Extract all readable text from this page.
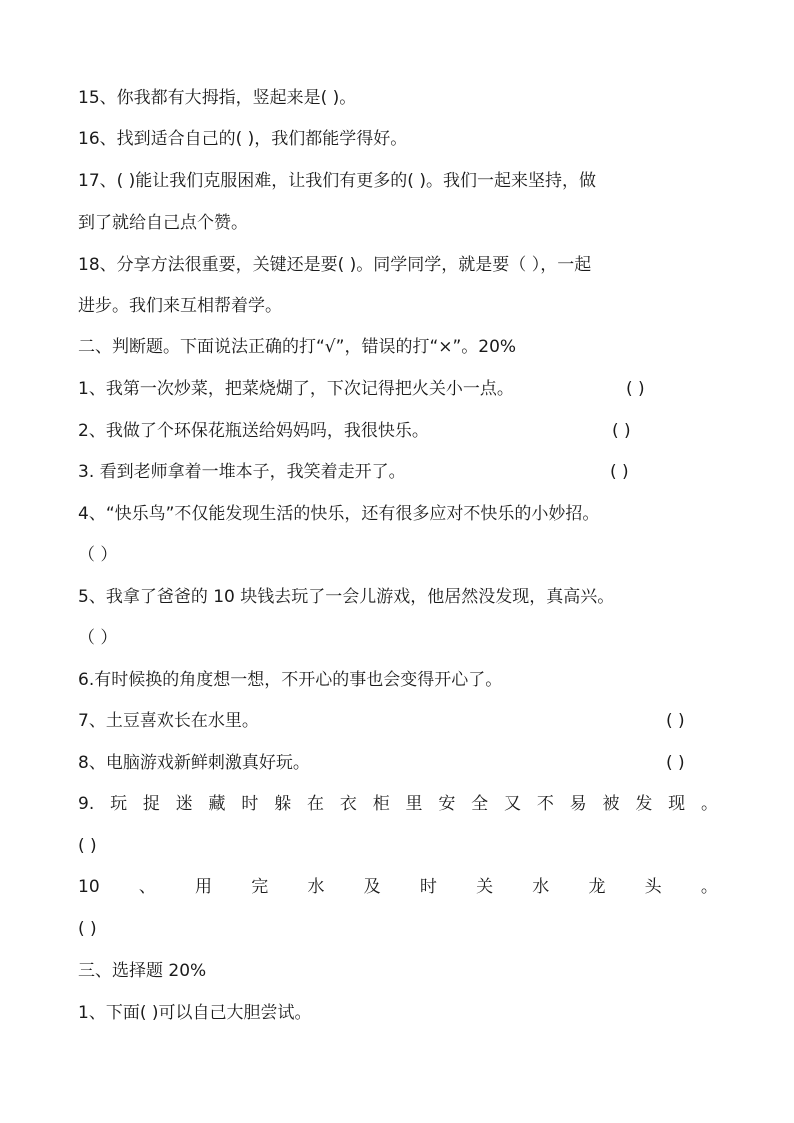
15、你我都有大拇指，竖起来是( )。
16、找到适合自己的( )，我们都能学得好。
17、( )能让我们克服困难，让我们有更多的( )。我们一起来坚持，做
到了就给自己点个赞。
18、分享方法很重要，关键还是要( )。同学同学，就是要（ ），一起
进步。我们来互相帮着学。
二、判断题。下面说法正确的打“√”，错误的打“×”。20%
1、我第一次炒菜，把菜烧煳了，下次记得把火关小一点。	( )
2、我做了个环保花瓶送给妈妈吗，我很快乐。	( )
3. 看到老师拿着一堆本子，我笑着走开了。	( )
4、“快乐鸟”不仅能发现生活的快乐，还有很多应对不快乐的小妙招。
（ ）
5、我拿了爸爸的 10 块钱去玩了一会儿游戏，他居然没发现，真高兴。
（ ）
6.有时候换的角度想一想，不开心的事也会变得开心了。
7、土豆喜欢长在水里。	( )
8、电脑游戏新鲜刺激真好玩。	( )
9. 玩 捉 迷 藏 时 躲 在 衣 柜 里 安 全 又 不 易 被 发 现 。
( )
10 、 用 完 水 及 时 关 水 龙 头 。
( )
三、选择题 20%
1、下面( )可以自己大胆尝试。
